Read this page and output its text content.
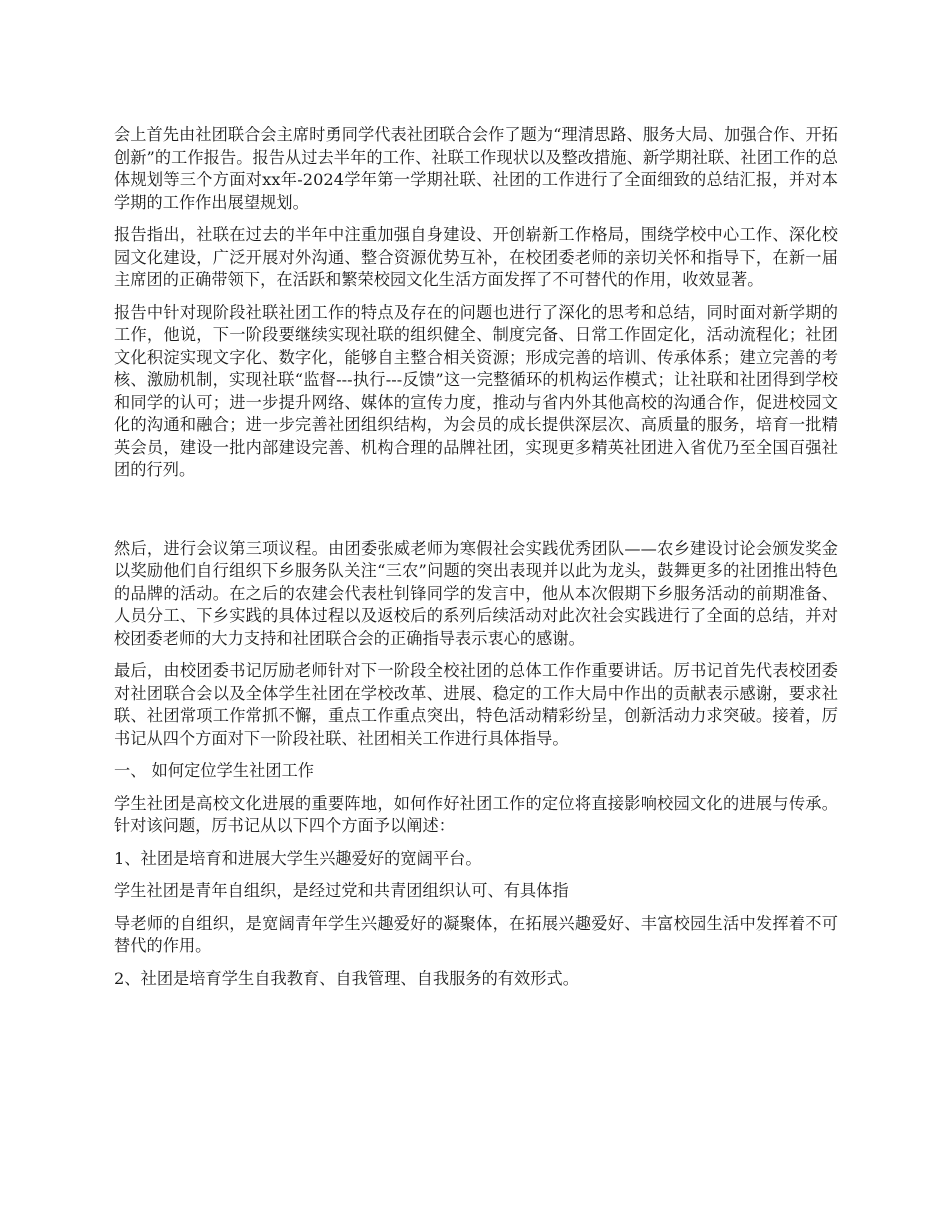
会上首先由社团联合会主席时勇同学代表社团联合会作了题为“理清思路、服务大局、加强合作、开拓创新”的工作报告。报告从过去半年的工作、社联工作现状以及整改措施、新学期社联、社团工作的总体规划等三个方面对xx年-2024学年第一学期社联、社团的工作进行了全面细致的总结汇报，并对本学期的工作作出展望规划。

报告指出，社联在过去的半年中注重加强自身建设、开创崭新工作格局，围绕学校中心工作、深化校园文化建设，广泛开展对外沟通、整合资源优势互补，在校团委老师的亲切关怀和指导下，在新一届主席团的正确带领下，在活跃和繁荣校园文化生活方面发挥了不可替代的作用，收效显著。

报告中针对现阶段社联社团工作的特点及存在的问题也进行了深化的思考和总结，同时面对新学期的工作，他说，下一阶段要继续实现社联的组织健全、制度完备、日常工作固定化，活动流程化；社团文化积淀实现文字化、数字化，能够自主整合相关资源；形成完善的培训、传承体系；建立完善的考核、激励机制，实现社联“监督---执行---反馈”这一完整循环的机构运作模式；让社联和社团得到学校和同学的认可；进一步提升网络、媒体的宣传力度，推动与省内外其他高校的沟通合作，促进校园文化的沟通和融合；进一步完善社团组织结构，为会员的成长提供深层次、高质量的服务，培育一批精英会员，建设一批内部建设完善、机构合理的品牌社团，实现更多精英社团进入省优乃至全国百强社团的行列。

然后，进行会议第三项议程。由团委张威老师为寒假社会实践优秀团队——农乡建设讨论会颁发奖金以奖励他们自行组织下乡服务队关注“三农”问题的突出表现并以此为龙头，鼓舞更多的社团推出特色的品牌的活动。在之后的农建会代表杜钊锋同学的发言中，他从本次假期下乡服务活动的前期准备、人员分工、下乡实践的具体过程以及返校后的系列后续活动对此次社会实践进行了全面的总结，并对校团委老师的大力支持和社团联合会的正确指导表示衷心的感谢。

最后，由校团委书记厉励老师针对下一阶段全校社团的总体工作作重要讲话。厉书记首先代表校团委对社团联合会以及全体学生社团在学校改革、进展、稳定的工作大局中作出的贡献表示感谢，要求社联、社团常项工作常抓不懈，重点工作重点突出，特色活动精彩纷呈，创新活动力求突破。接着，厉书记从四个方面对下一阶段社联、社团相关工作进行具体指导。

一、 如何定位学生社团工作

学生社团是高校文化进展的重要阵地，如何作好社团工作的定位将直接影响校园文化的进展与传承。针对该问题，厉书记从以下四个方面予以阐述：

1、社团是培育和进展大学生兴趣爱好的宽阔平台。

学生社团是青年自组织，是经过党和共青团组织认可、有具体指

导老师的自组织，是宽阔青年学生兴趣爱好的凝聚体，在拓展兴趣爱好、丰富校园生活中发挥着不可替代的作用。

2、社团是培育学生自我教育、自我管理、自我服务的有效形式。
